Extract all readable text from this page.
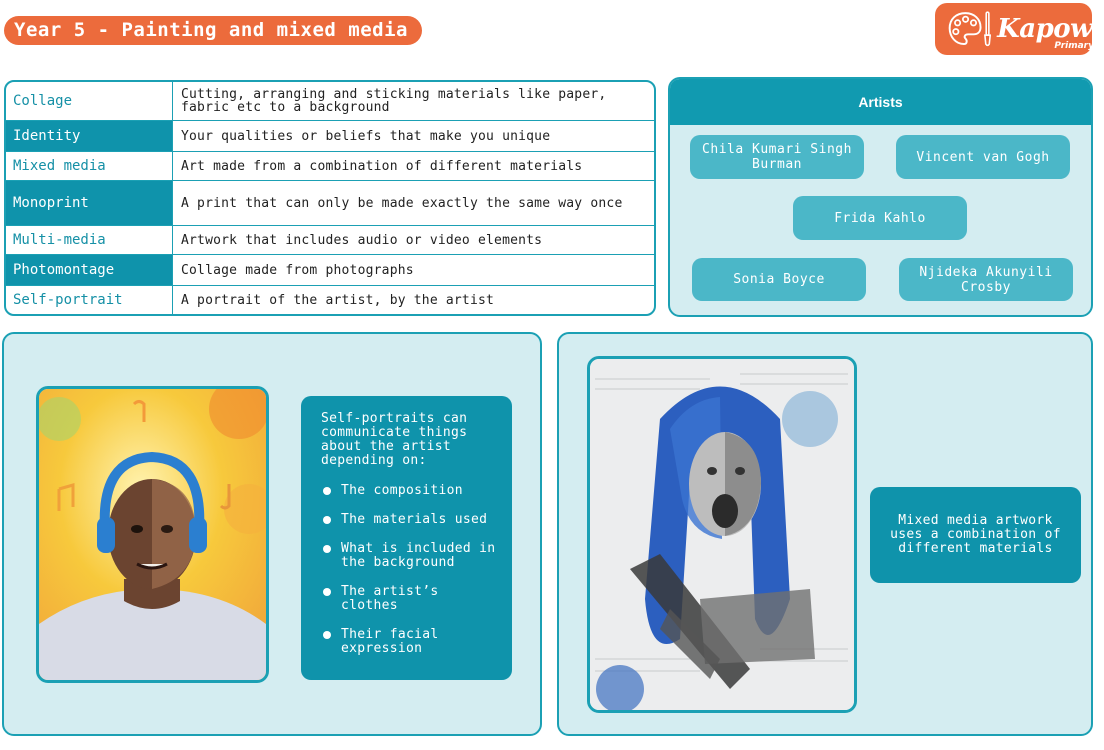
Year 5 - Painting and mixed media	Kapow
Primary
Collage	Cutting, arranging and sticking materials like paper, fabric etc to a background
Identity	Your qualities or beliefs that make you unique
Mixed media	Art made from a combination of different materials
Monoprint	A print that can only be made exactly the same way once
Multi-media	Artwork that includes audio or video elements
Photomontage	Collage made from photographs
Self-portrait	A portrait of the artist, by the artist
Artists
Chila Kumari Singh Burman	Vincent van Gogh
Frida Kahlo
Sonia Boyce	Njideka Akunyili Crosby
Self-portraits can communicate things about the artist depending on:
The composition
The materials used
What is included in the background
The artist’s clothes
Their facial expression
Mixed media artwork uses a combination of different materials
